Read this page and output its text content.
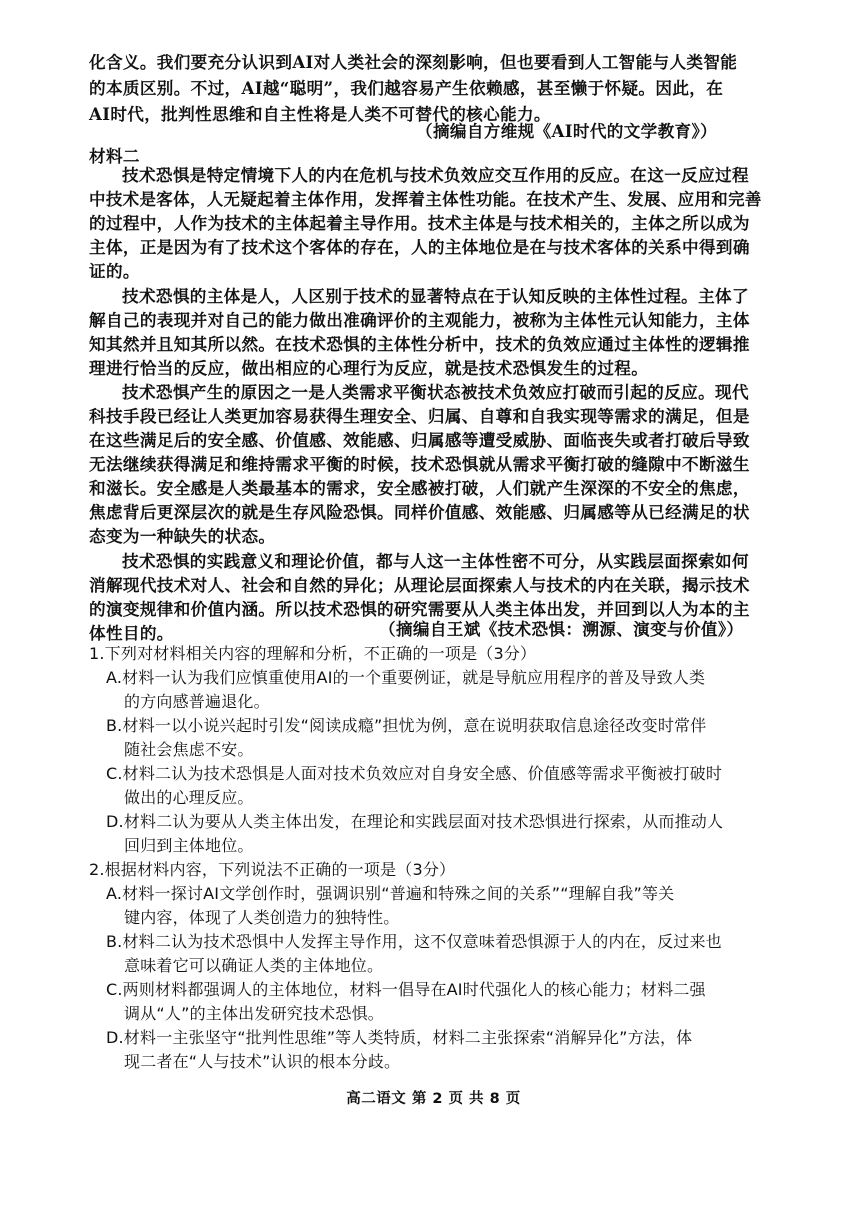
化含义。我们要充分认识到AI对人类社会的深刻影响，但也要看到人工智能与人类智能
的本质区别。不过，AI越“聪明”，我们越容易产生依赖感，甚至懒于怀疑。因此，在
AI时代，批判性思维和自主性将是人类不可替代的核心能力。
（摘编自方维规《AI时代的文学教育》）
材料二
技术恐惧是特定情境下人的内在危机与技术负效应交互作用的反应。在这一反应过程
中技术是客体，人无疑起着主体作用，发挥着主体性功能。在技术产生、发展、应用和完善
的过程中，人作为技术的主体起着主导作用。技术主体是与技术相关的，主体之所以成为
主体，正是因为有了技术这个客体的存在，人的主体地位是在与技术客体的关系中得到确
证的。
技术恐惧的主体是人，人区别于技术的显著特点在于认知反映的主体性过程。主体了
解自己的表现并对自己的能力做出准确评价的主观能力，被称为主体性元认知能力，主体
知其然并且知其所以然。在技术恐惧的主体性分析中，技术的负效应通过主体性的逻辑推
理进行恰当的反应，做出相应的心理行为反应，就是技术恐惧发生的过程。
技术恐惧产生的原因之一是人类需求平衡状态被技术负效应打破而引起的反应。现代
科技手段已经让人类更加容易获得生理安全、归属、自尊和自我实现等需求的满足，但是
在这些满足后的安全感、价值感、效能感、归属感等遭受威胁、面临丧失或者打破后导致
无法继续获得满足和维持需求平衡的时候，技术恐惧就从需求平衡打破的缝隙中不断滋生
和滋长。安全感是人类最基本的需求，安全感被打破，人们就产生深深的不安全的焦虑，
焦虑背后更深层次的就是生存风险恐惧。同样价值感、效能感、归属感等从已经满足的状
态变为一种缺失的状态。
技术恐惧的实践意义和理论价值，都与人这一主体性密不可分，从实践层面探索如何
消解现代技术对人、社会和自然的异化；从理论层面探索人与技术的内在关联，揭示技术
的演变规律和价值内涵。所以技术恐惧的研究需要从人类主体出发，并回到以人为本的主
体性目的。	（摘编自王斌《技术恐惧：溯源、演变与价值》）
1.下列对材料相关内容的理解和分析，不正确的一项是（3分）
A.材料一认为我们应慎重使用AI的一个重要例证，就是导航应用程序的普及导致人类
的方向感普遍退化。
B.材料一以小说兴起时引发“阅读成瘾”担忧为例，意在说明获取信息途径改变时常伴
随社会焦虑不安。
C.材料二认为技术恐惧是人面对技术负效应对自身安全感、价值感等需求平衡被打破时
做出的心理反应。
D.材料二认为要从人类主体出发，在理论和实践层面对技术恐惧进行探索，从而推动人
回归到主体地位。
2.根据材料内容，下列说法不正确的一项是（3分）
A.材料一探讨AI文学创作时，强调识别“普遍和特殊之间的关系”“理解自我”等关
键内容，体现了人类创造力的独特性。
B.材料二认为技术恐惧中人发挥主导作用，这不仅意味着恐惧源于人的内在，反过来也
意味着它可以确证人类的主体地位。
C.两则材料都强调人的主体地位，材料一倡导在AI时代强化人的核心能力；材料二强
调从“人”的主体出发研究技术恐惧。
D.材料一主张坚守“批判性思维”等人类特质，材料二主张探索“消解异化”方法，体
现二者在“人与技术”认识的根本分歧。
高二语文 第 2 页 共 8 页
